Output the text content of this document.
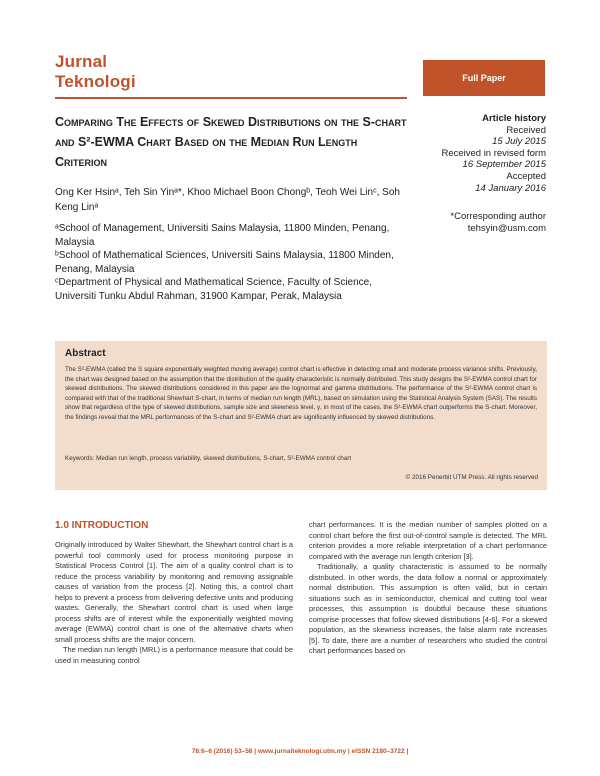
Jurnal
Teknologi	Full Paper
Comparing The Effects of Skewed Distributions on the S-chart and S²-EWMA Chart Based on the Median Run Length Criterion
Ong Ker Hsinᵃ, Teh Sin Yinᵃ*, Khoo Michael Boon Chongᵇ, Teoh Wei Linᶜ, Soh Keng Linᵃ

ᵃSchool of Management, Universiti Sains Malaysia, 11800 Minden, Penang, Malaysia

ᵇSchool of Mathematical Sciences, Universiti Sains Malaysia, 11800 Minden, Penang, Malaysia

ᶜDepartment of Physical and Mathematical Science, Faculty of Science, Universiti Tunku Abdul Rahman, 31900 Kampar, Perak, Malaysia

Article history
Received
15 July 2015
Received in revised form
16 September 2015
Accepted
14 January 2016
*Corresponding author
tehsyin@usm.com
Abstract
The S²-EWMA (called the S square exponentially weighted moving average) control chart is effective in detecting small and moderate process variance shifts. Previously, the chart was designed based on the assumption that the distribution of the quality characteristic is normally distributed. This study designs the S²-EWMA control chart for skewed distributions. The skewed distributions considered in this paper are the lognormal and gamma distributions. The performance of the S²-EWMA control chart is compared with that of the traditional Shewhart S-chart, in terms of median run length (MRL), based on simulation using the Statistical Analysis System (SAS). The results show that regardless of the type of skewed distributions, sample size and skewness level, γ, in most of the cases, the S²-EWMA chart outperforms the S-chart. Moreover, the findings reveal that the MRL performances of the S-chart and S²-EWMA chart are significantly influenced by skewed distributions.
Keywords: Median run length, process variability, skewed distributions, S-chart, S²-EWMA control chart
© 2016 Penerbit UTM Press. All rights reserved
1.0 INTRODUCTION

Originally introduced by Walter Shewhart, the Shewhart control chart is a powerful tool commonly used for process monitoring purpose in Statistical Process Control [1]. The aim of a quality control chart is to reduce the process variability by monitoring and removing assignable causes of variation from the process [2]. Noting this, a control chart helps to prevent a process from delivering defective units and producing wastes. Generally, the Shewhart control chart is used when large process shifts are of interest while the exponentially weighted moving average (EWMA) control chart is one of the alternative charts when small process shifts are the major concern.

The median run length (MRL) is a performance measure that could be used in measuring control

chart performances. It is the median number of samples plotted on a control chart before the first out-of-control sample is detected. The MRL criterion provides a more reliable interpretation of a chart performance compared with the average run length criterion [3].

Traditionally, a quality characteristic is assumed to be normally distributed. In other words, the data follow a normal or approximately normal distribution. This assumption is often valid, but in certain situations such as in semiconductor, chemical and cutting tool wear processes, this assumption is doubtful because these situations comprise processes that follow skewed distributions [4-6]. For a skewed population, as the skewness increases, the false alarm rate increases [5]. To date, there are a number of researchers who studied the control chart performances based on

78:6–6 (2016) 53–58 | www.jurnalteknologi.utm.my | eISSN 2180–3722 |
